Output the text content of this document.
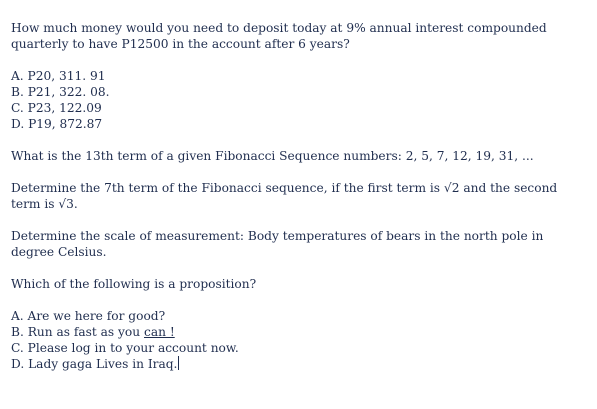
How much money would you need to deposit today at 9% annual interest compounded quarterly to have P12500 in the account after 6 years?

A. P20, 311. 91
B. P21, 322. 08.
C. P23, 122.09
D. P19, 872.87

What is the 13th term of a given Fibonacci Sequence numbers: 2, 5, 7, 12, 19, 31, ...

Determine the 7th term of the Fibonacci sequence, if the first term is √2 and the second term is √3.

Determine the scale of measurement: Body temperatures of bears in the north pole in degree Celsius.

Which of the following is a proposition?

A. Are we here for good?
B. Run as fast as you can !
C. Please log in to your account now.
D. Lady gaga Lives in Iraq.
